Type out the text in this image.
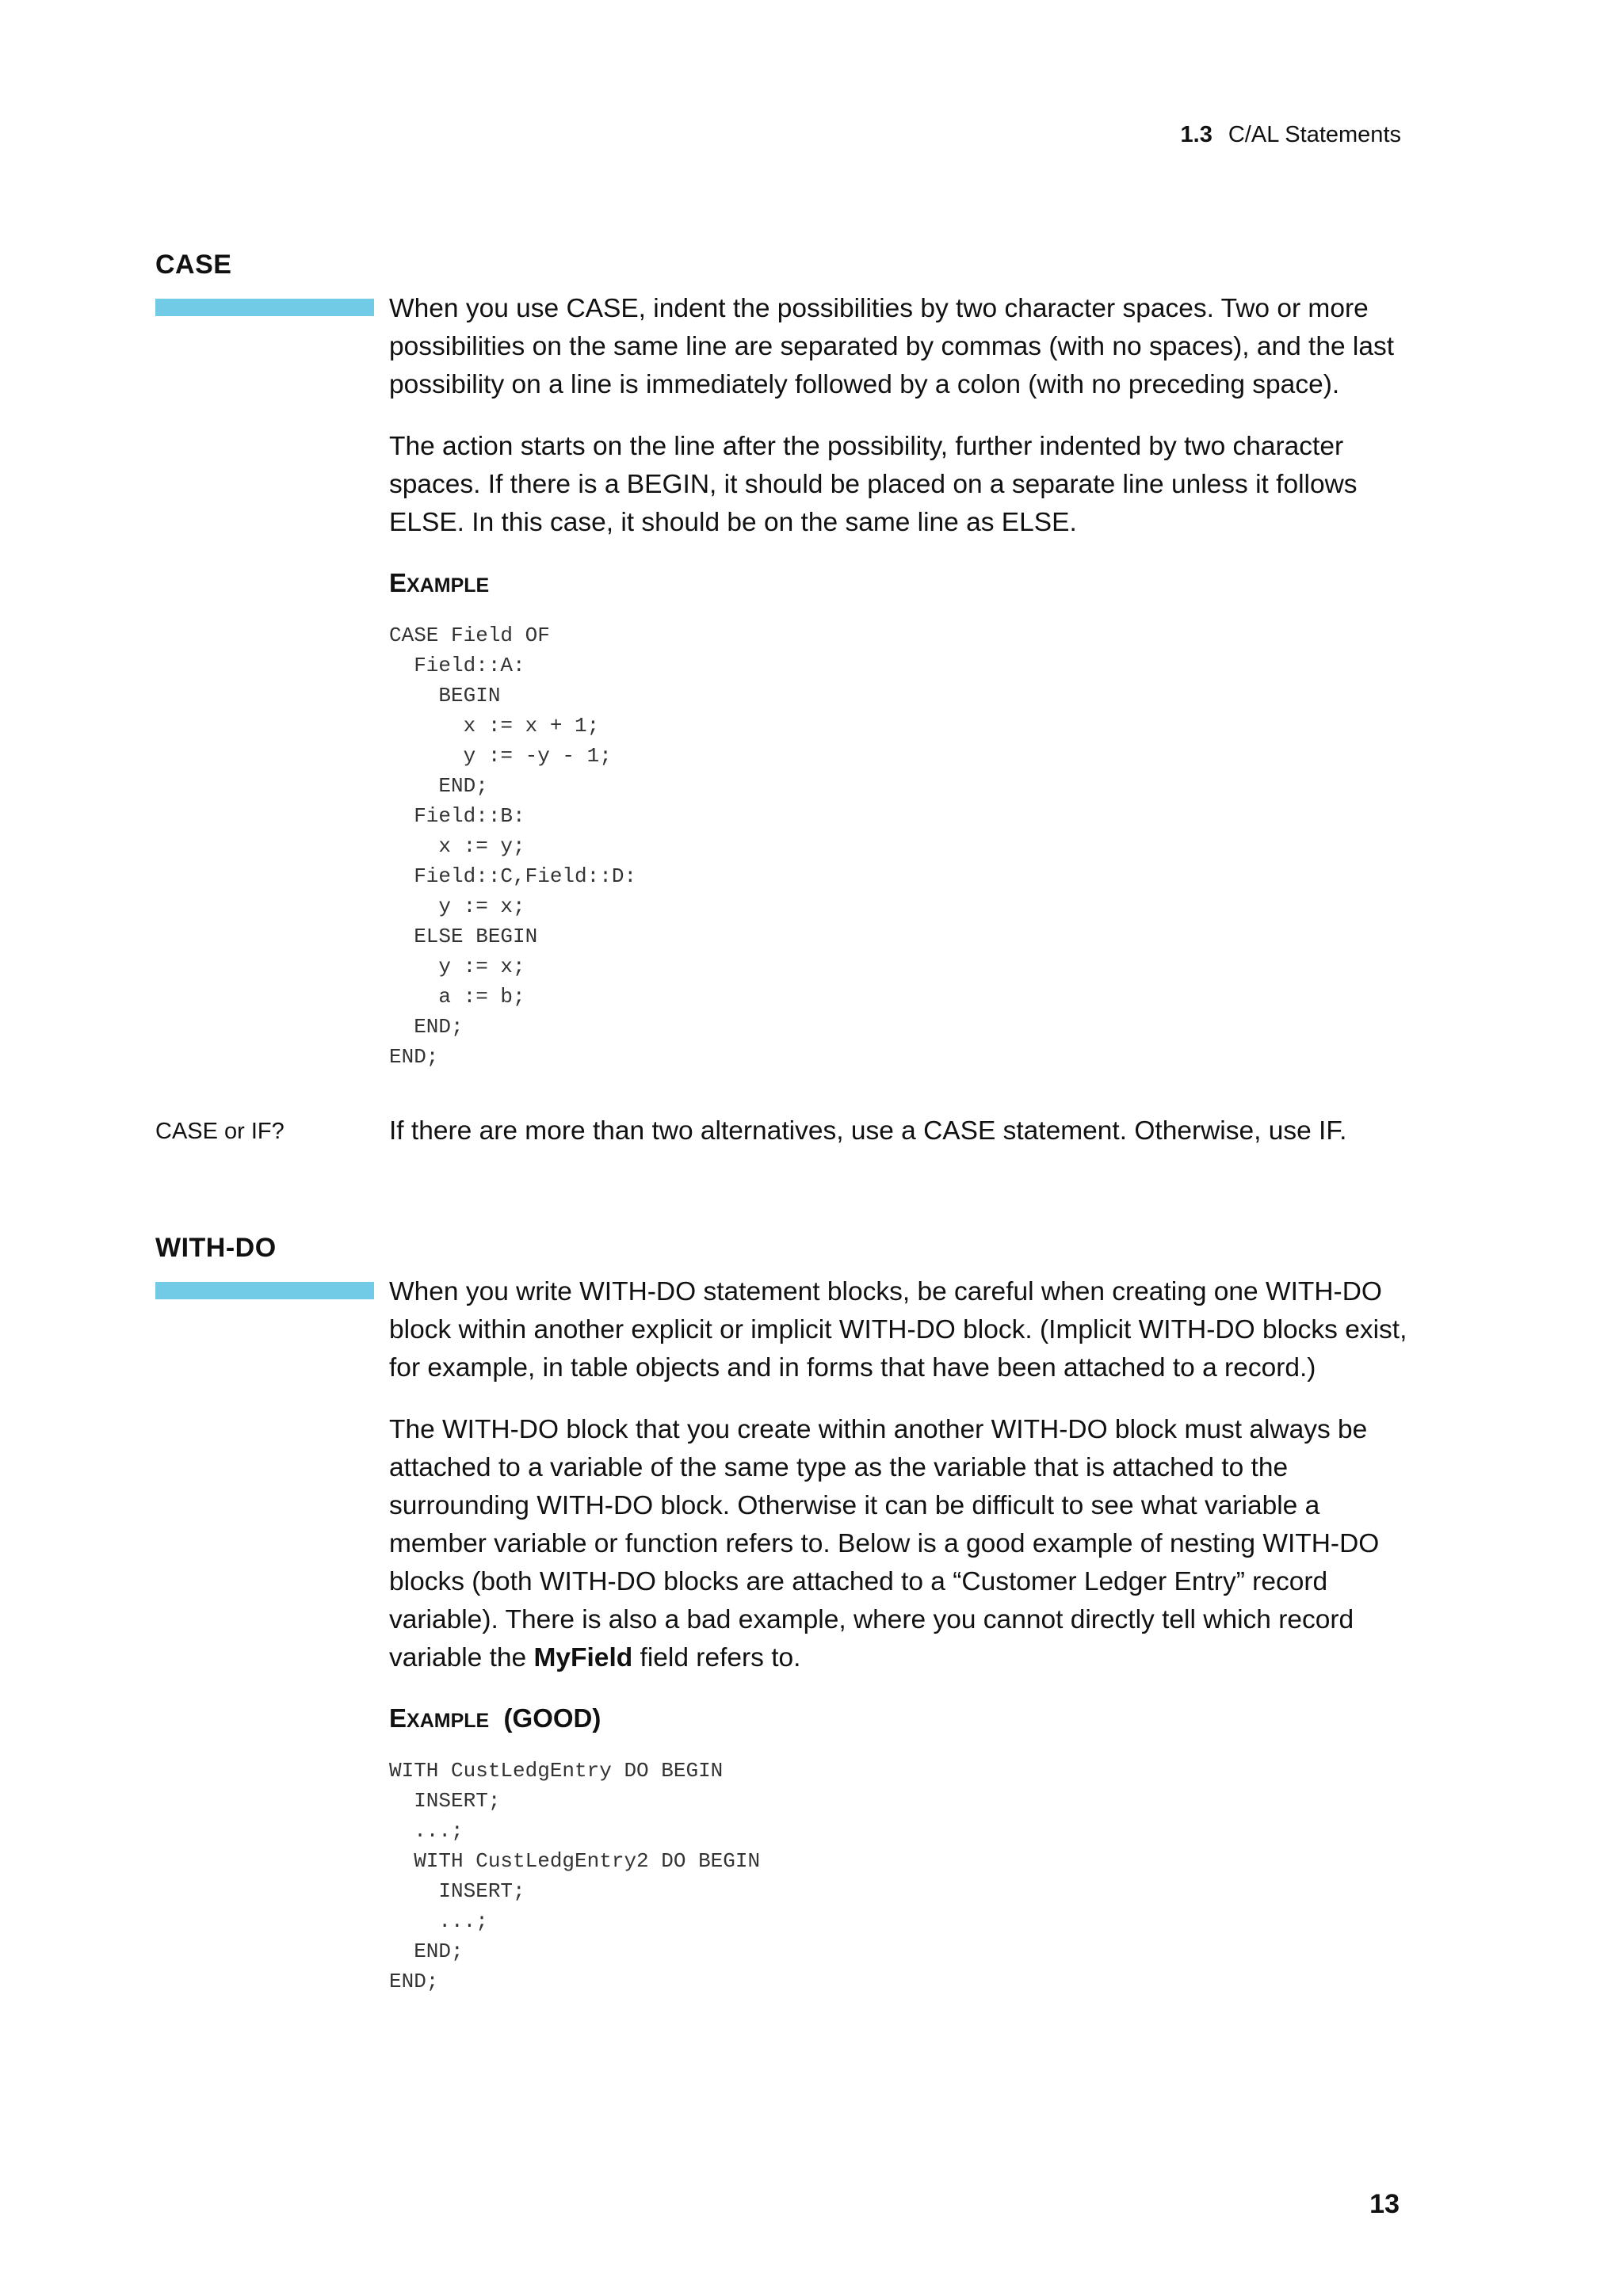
1.3 C/AL Statements
CASE

When you use CASE, indent the possibilities by two character spaces. Two or more possibilities on the same line are separated by commas (with no spaces), and the last possibility on a line is immediately followed by a colon (with no preceding space).

The action starts on the line after the possibility, further indented by two character spaces. If there is a BEGIN, it should be placed on a separate line unless it follows ELSE. In this case, it should be on the same line as ELSE.

EXAMPLE
CASE Field OF
Field::A:
BEGIN
x := x + 1;
y := -y - 1;
END;
Field::B:
x := y;
Field::C,Field::D:
y := x;
ELSE BEGIN
y := x;
a := b;
END;
END;
CASE or IF?	If there are more than two alternatives, use a CASE statement. Otherwise, use IF.

WITH-DO

When you write WITH-DO statement blocks, be careful when creating one WITH-DO block within another explicit or implicit WITH-DO block. (Implicit WITH-DO blocks exist, for example, in table objects and in forms that have been attached to a record.)

The WITH-DO block that you create within another WITH-DO block must always be attached to a variable of the same type as the variable that is attached to the surrounding WITH-DO block. Otherwise it can be difficult to see what variable a member variable or function refers to. Below is a good example of nesting WITH-DO blocks (both WITH-DO blocks are attached to a “Customer Ledger Entry” record variable). There is also a bad example, where you cannot directly tell which record variable the MyField field refers to.

EXAMPLE (GOOD)
WITH CustLedgEntry DO BEGIN
INSERT;
...;
WITH CustLedgEntry2 DO BEGIN
INSERT;
...;
END;
END;
13
